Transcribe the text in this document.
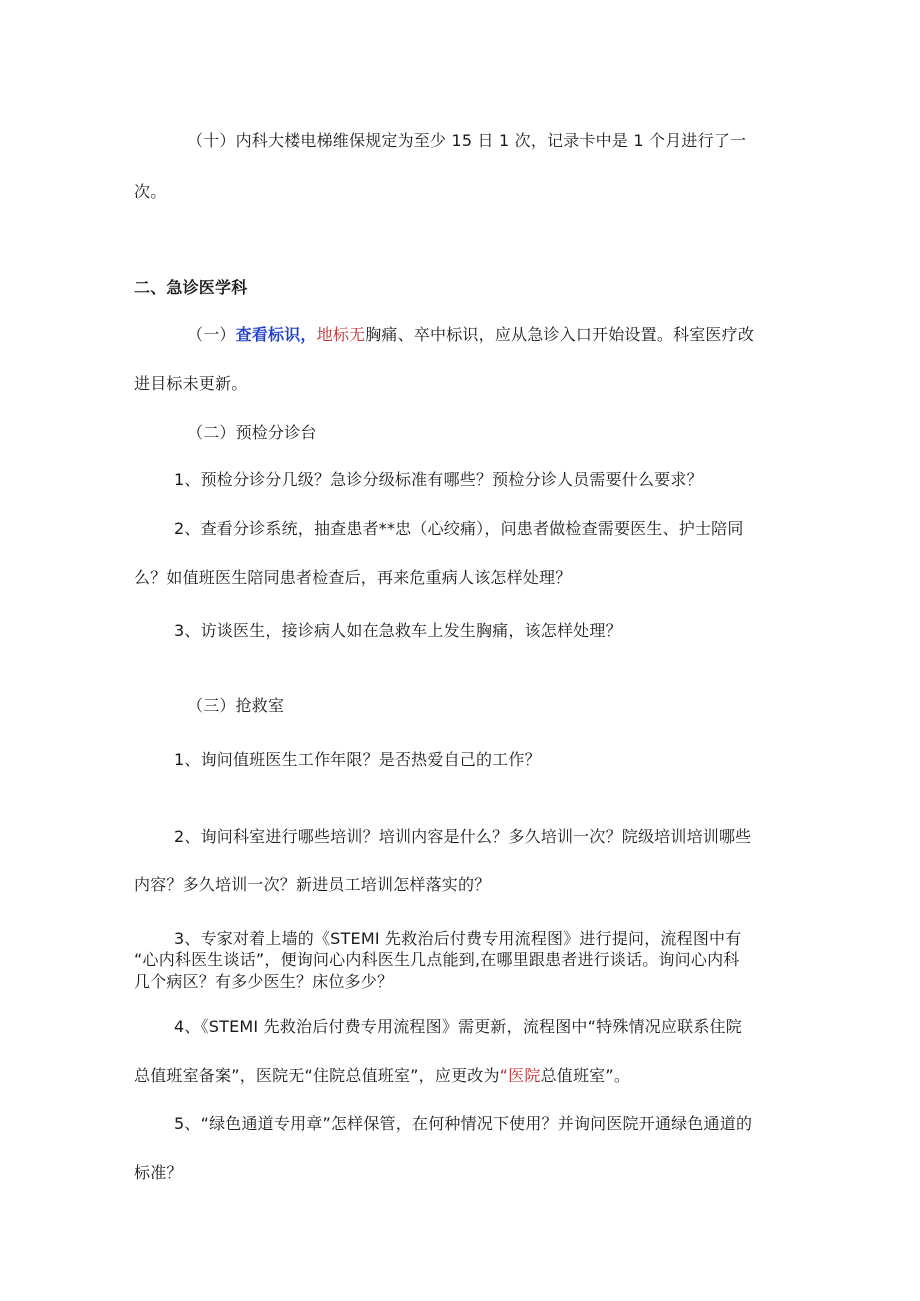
（十）内科大楼电梯维保规定为至少 15 日 1 次，记录卡中是 1 个月进行了一
次。
二、急诊医学科
（一）查看标识，地标无胸痛、卒中标识，应从急诊入口开始设置。科室医疗改
进目标未更新。
（二）预检分诊台
1、预检分诊分几级？急诊分级标准有哪些？预检分诊人员需要什么要求？
2、查看分诊系统，抽查患者**忠（心绞痛），问患者做检查需要医生、护士陪同
么？如值班医生陪同患者检查后，再来危重病人该怎样处理？
3、访谈医生，接诊病人如在急救车上发生胸痛，该怎样处理？
（三）抢救室
1、询问值班医生工作年限？是否热爱自己的工作？
2、询问科室进行哪些培训？培训内容是什么？多久培训一次？院级培训培训哪些
内容？多久培训一次？新进员工培训怎样落实的？
3、专家对着上墙的《STEMI 先救治后付费专用流程图》进行提问，流程图中有
“心内科医生谈话”，便询问心内科医生几点能到,在哪里跟患者进行谈话。询问心内科
几个病区？有多少医生？床位多少？
4、《STEMI 先救治后付费专用流程图》需更新，流程图中“特殊情况应联系住院
总值班室备案”，医院无“住院总值班室”，应更改为“医院总值班室”。
5、“绿色通道专用章”怎样保管，在何种情况下使用？并询问医院开通绿色通道的
标准？
